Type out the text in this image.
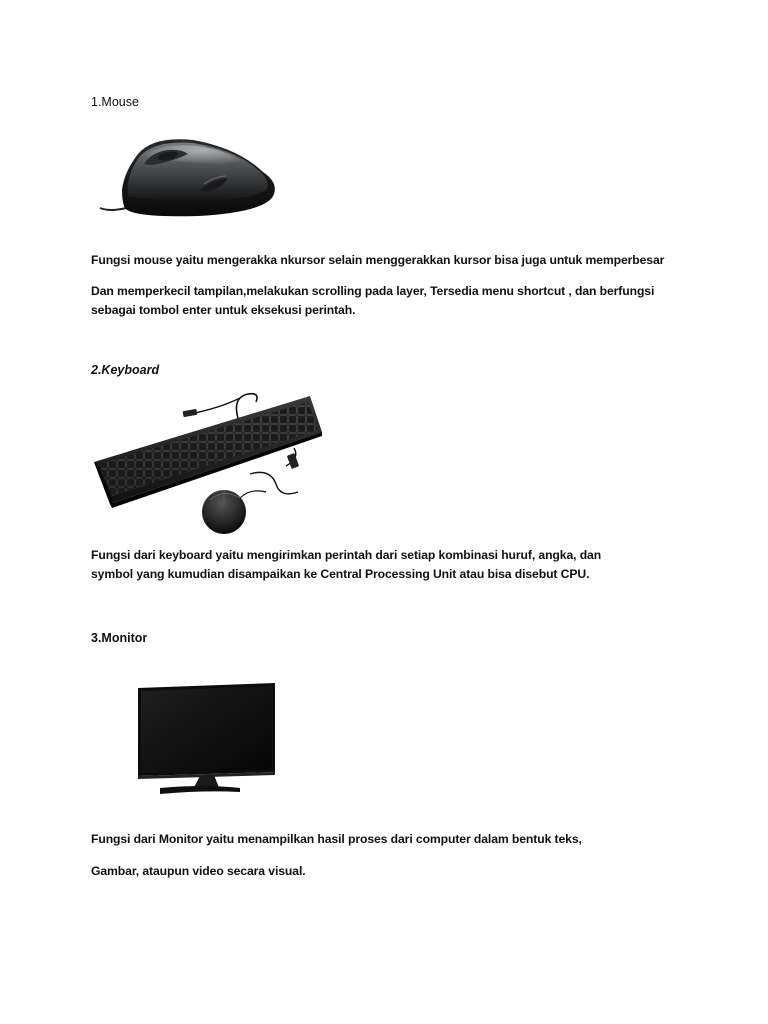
1.Mouse

Fungsi mouse yaitu mengerakka nkursor selain menggerakkan kursor bisa juga untuk memperbesar

Dan memperkecil tampilan,melakukan scrolling pada layer, Tersedia menu shortcut , dan berfungsi
sebagai tombol enter untuk eksekusi perintah.

2.Keyboard

Fungsi dari keyboard yaitu mengirimkan perintah dari setiap kombinasi huruf, angka, dan
symbol yang kumudian disampaikan ke Central Processing Unit atau bisa disebut CPU.

3.Monitor

Fungsi dari Monitor yaitu menampilkan hasil proses dari computer dalam bentuk teks,

Gambar, ataupun video secara visual.
